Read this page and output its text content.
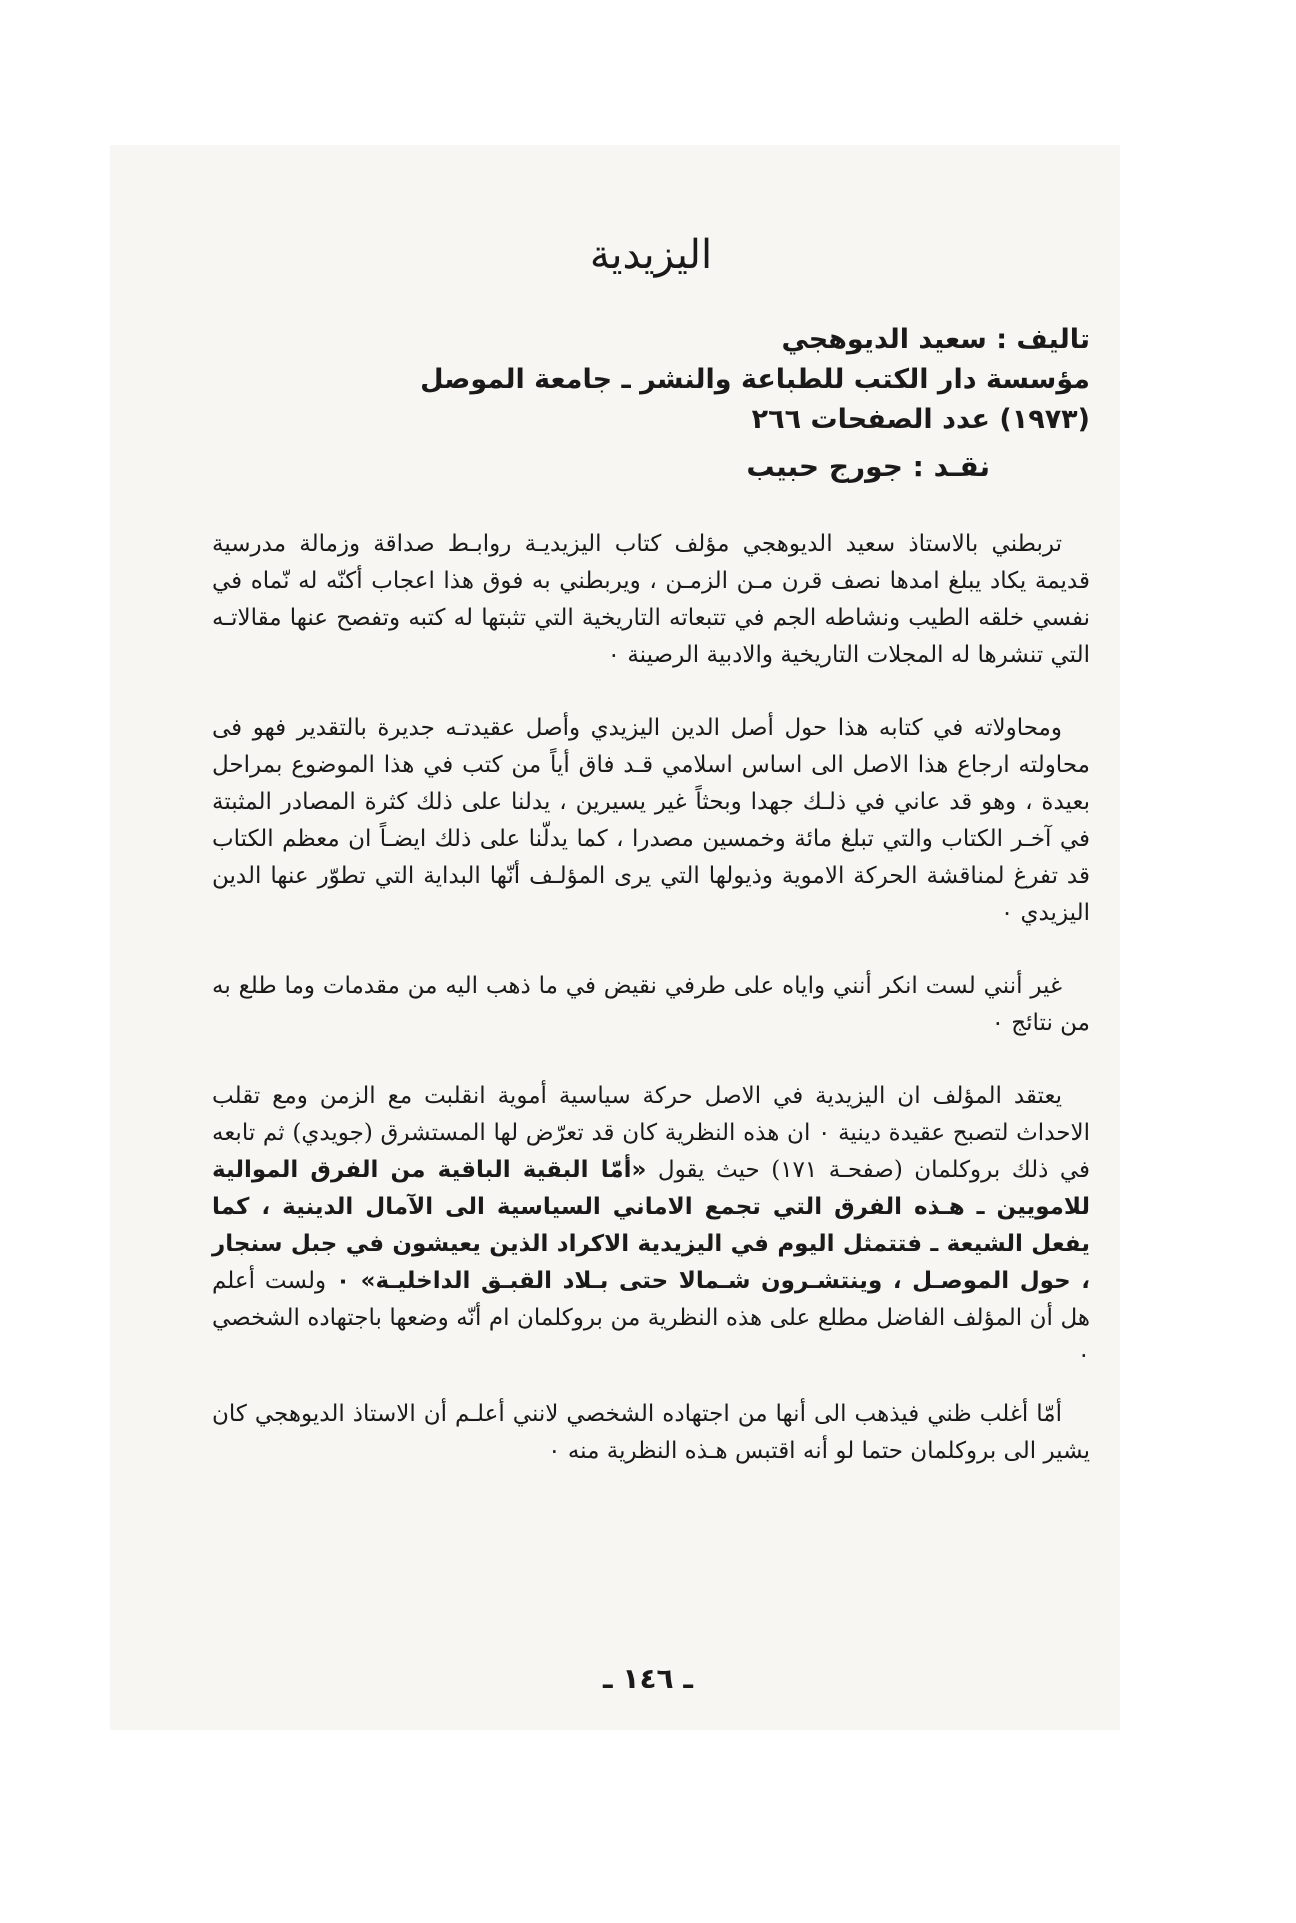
اليزيدية
تاليف : سعيد الديوهجي
مؤسسة دار الكتب للطباعة والنشر ـ جامعة الموصل
(١٩٧٣) عدد الصفحات ٢٦٦
نقـد : جورج حبيب

تربطني بالاستاذ سعيد الديوهجي مؤلف كتاب اليزيديـة روابـط صداقة وزمالة مدرسية قديمة يكاد يبلغ امدها نصف قرن مـن الزمـن ، ويربطني به فوق هذا اعجاب أكنّه له نّماه في نفسي خلقه الطيب ونشاطه الجم في تتبعاته التاريخية التي تثبتها له كتبه وتفصح عنها مقالاتـه التي تنشرها له المجلات التاريخية والادبية الرصينة ٠

ومحاولاته في كتابه هذا حول أصل الدين اليزيدي وأصل عقيدتـه جديرة بالتقدير فهو فى محاولته ارجاع هذا الاصل الى اساس اسلامي قـد فاق أياً من كتب في هذا الموضوع بمراحل بعيدة ، وهو قد عاني في ذلـك جهدا وبحثاً غير يسيرين ، يدلنا على ذلك كثرة المصادر المثبتة في آخـر الكتاب والتي تبلغ مائة وخمسين مصدرا ، كما يدلّنا على ذلك ايضـاً ان معظم الكتاب قد تفرغ لمناقشة الحركة الاموية وذيولها التي يرى المؤلـف أنّها البداية التي تطوّر عنها الدين اليزيدي ٠

غير أنني لست انكر أنني واياه على طرفي نقيض في ما ذهب اليه من مقدمات وما طلع به من نتائج ٠

يعتقد المؤلف ان اليزيدية في الاصل حركة سياسية أموية انقلبت مع الزمن ومع تقلب الاحداث لتصبح عقيدة دينية ٠ ان هذه النظرية كان قد تعرّض لها المستشرق (جويدي) ثم تابعه في ذلك بروكلمان (صفحـة ١٧١) حيث يقول «أمّا البقية الباقية من الفرق الموالية للامويين ـ هـذه الفرق التي تجمع الاماني السياسية الى الآمال الدينية ، كما يفعل الشيعة ـ فتتمثل اليوم في اليزيدية الاكراد الذين يعيشون في جبل سنجار ، حول الموصـل ، وينتشـرون شـمالا حتى بـلاد القبـق الداخليـة» ٠ ولست أعلم هل أن المؤلف الفاضل مطلع على هذه النظرية من بروكلمان ام أنّه وضعها باجتهاده الشخصي ٠

أمّا أغلب ظني فيذهب الى أنها من اجتهاده الشخصي لانني أعلـم أن الاستاذ الديوهجي كان يشير الى بروكلمان حتما لو أنه اقتبس هـذه النظرية منه ٠

ـ ١٤٦ ـ
